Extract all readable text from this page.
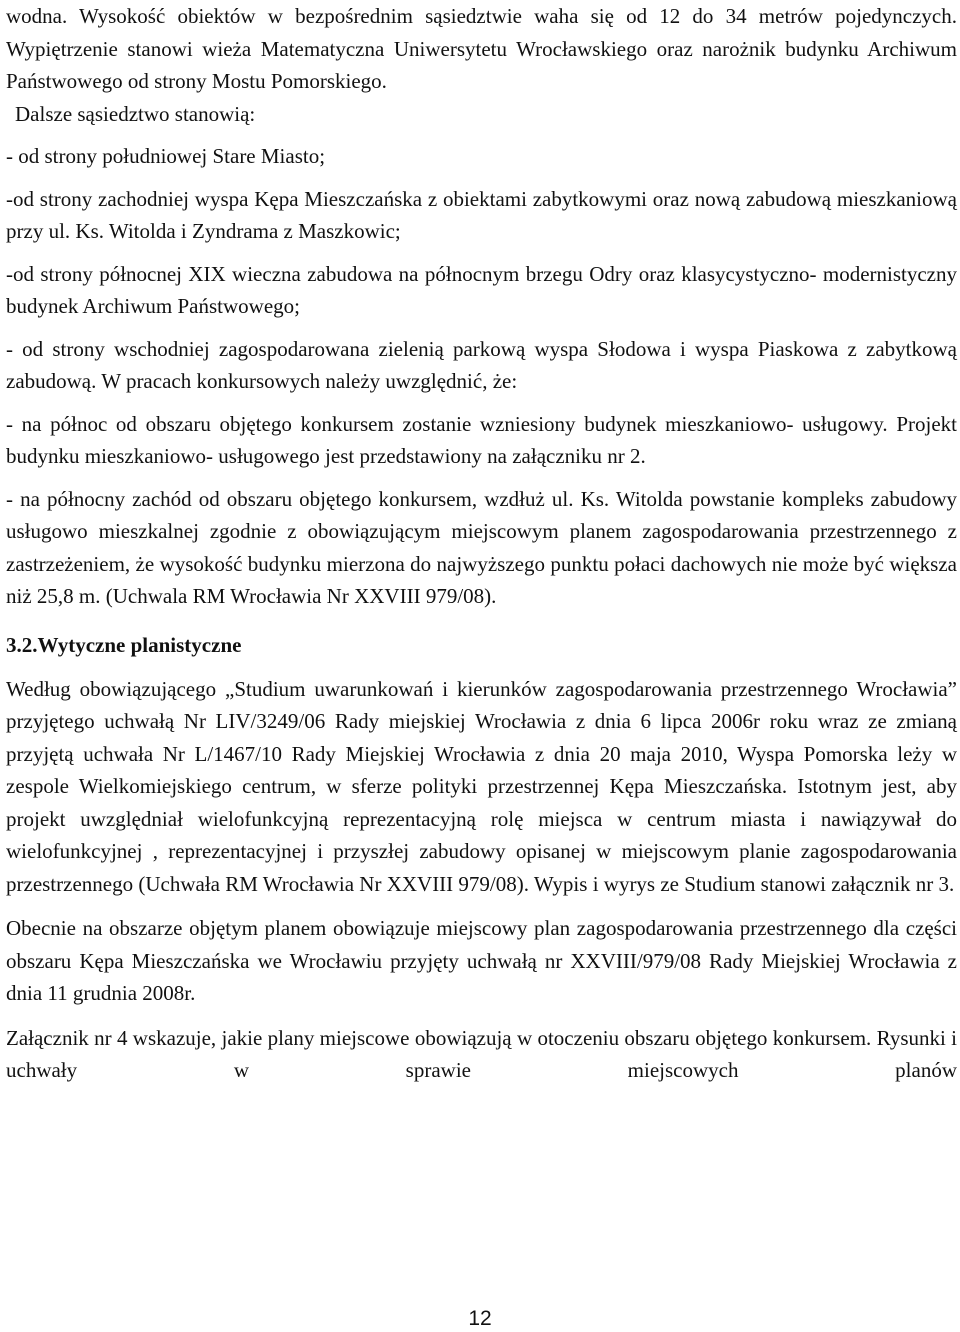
wodna. Wysokość obiektów w bezpośrednim sąsiedztwie waha się od 12 do 34 metrów pojedynczych. Wypiętrzenie stanowi wieża Matematyczna Uniwersytetu Wrocławskiego oraz narożnik budynku Archiwum Państwowego od strony Mostu Pomorskiego.

Dalsze sąsiedztwo stanowią:

- od strony południowej Stare Miasto;

-od strony zachodniej wyspa Kępa Mieszczańska z obiektami zabytkowymi oraz nową zabudową mieszkaniową przy ul. Ks. Witolda i Zyndrama z Maszkowic;

-od strony północnej XIX wieczna zabudowa na północnym brzegu Odry oraz klasycystyczno- modernistyczny budynek Archiwum Państwowego;

- od strony wschodniej zagospodarowana zielenią parkową wyspa Słodowa i wyspa Piaskowa z zabytkową zabudową. W pracach konkursowych należy uwzględnić, że:

- na północ od obszaru objętego konkursem zostanie wzniesiony budynek mieszkaniowo- usługowy. Projekt budynku mieszkaniowo- usługowego jest przedstawiony na załączniku nr 2.

- na północny zachód od obszaru objętego konkursem, wzdłuż ul. Ks. Witolda powstanie kompleks zabudowy usługowo mieszkalnej zgodnie z obowiązującym miejscowym planem zagospodarowania przestrzennego z zastrzeżeniem, że wysokość budynku mierzona do najwyższego punktu połaci dachowych nie może być większa niż 25,8 m. (Uchwala RM Wrocławia Nr XXVIII 979/08).

3.2.Wytyczne planistyczne

Według obowiązującego „Studium uwarunkowań i kierunków zagospodarowania przestrzennego Wrocławia” przyjętego uchwałą Nr LIV/3249/06 Rady miejskiej Wrocławia z dnia 6 lipca 2006r roku wraz ze zmianą przyjętą uchwała Nr L/1467/10 Rady Miejskiej Wrocławia z dnia 20 maja 2010, Wyspa Pomorska leży w zespole Wielkomiejskiego centrum, w sferze polityki przestrzennej Kępa Mieszczańska. Istotnym jest, aby projekt uwzględniał wielofunkcyjną reprezentacyjną rolę miejsca w centrum miasta i nawiązywał do wielofunkcyjnej , reprezentacyjnej i przyszłej zabudowy opisanej w miejscowym planie zagospodarowania przestrzennego (Uchwała RM Wrocławia Nr XXVIII 979/08). Wypis i wyrys ze Studium stanowi załącznik nr 3.

Obecnie na obszarze objętym planem obowiązuje miejscowy plan zagospodarowania przestrzennego dla części obszaru Kępa Mieszczańska we Wrocławiu przyjęty uchwałą nr XXVIII/979/08 Rady Miejskiej Wrocławia z dnia 11 grudnia 2008r.

Załącznik nr 4 wskazuje, jakie plany miejscowe obowiązują w otoczeniu obszaru objętego konkursem. Rysunki i uchwały w sprawie miejscowych planów

12
